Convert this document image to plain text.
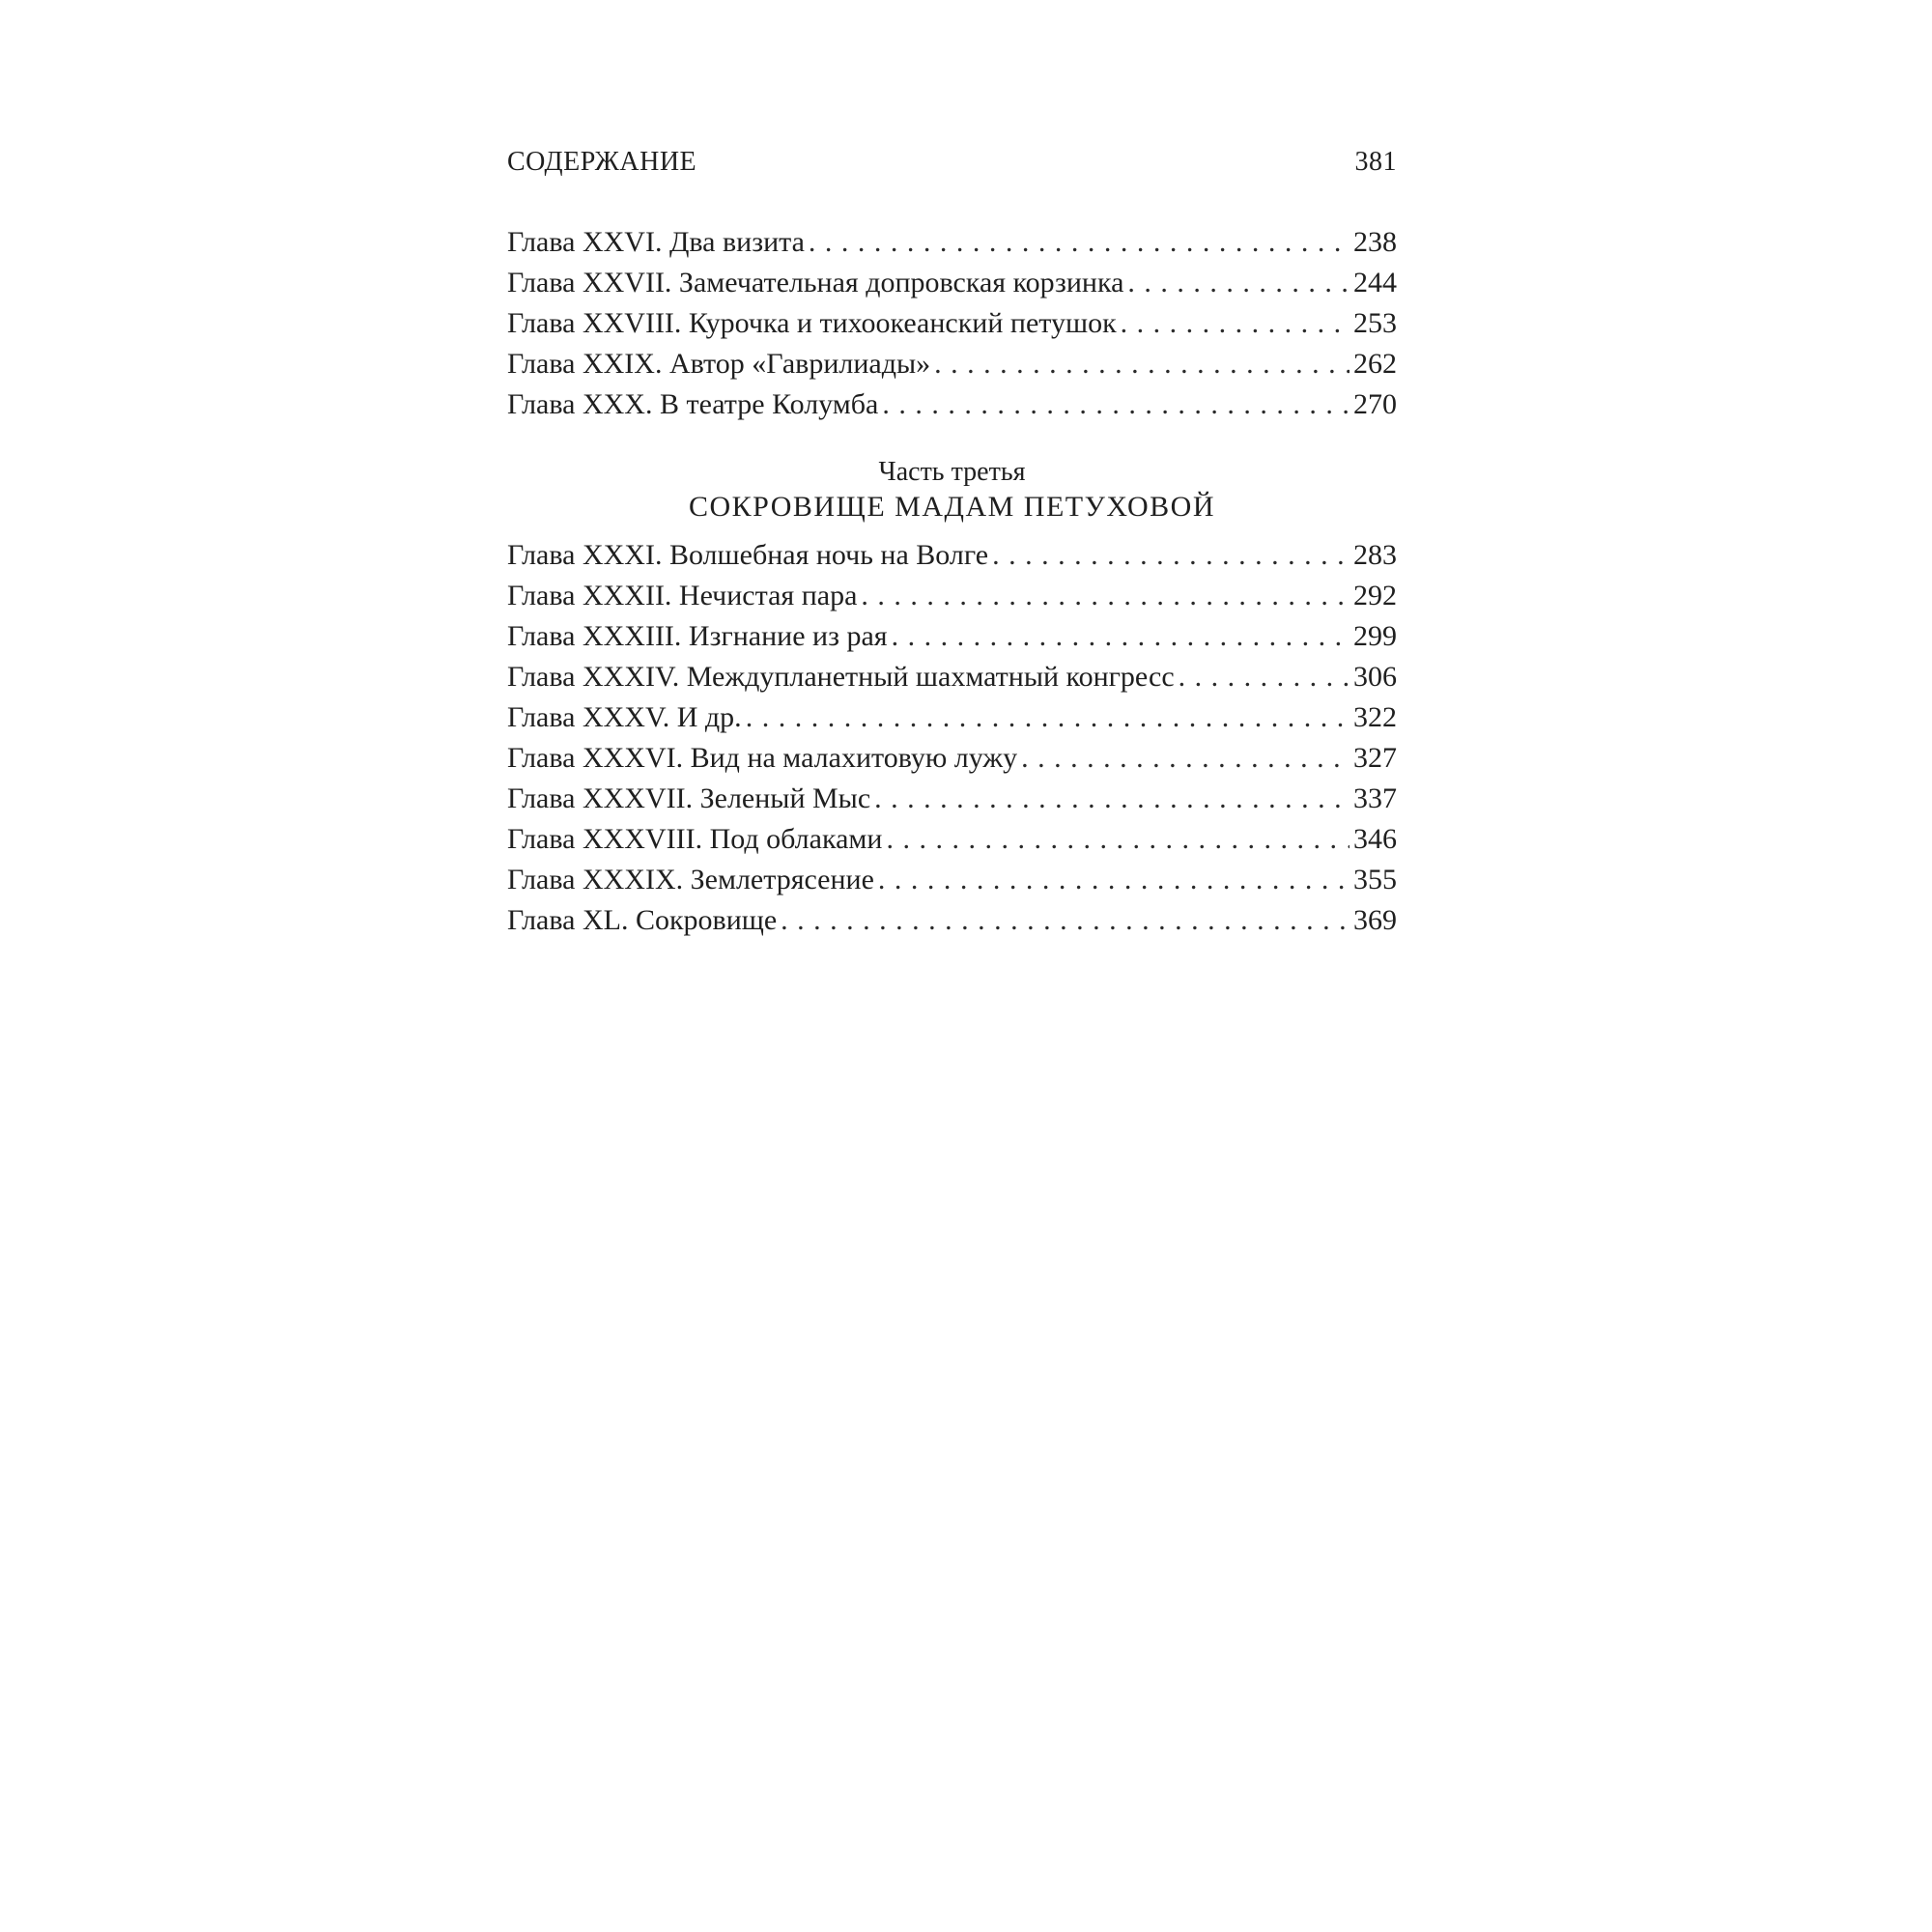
СОДЕРЖАНИЕ	381
Глава XXVI. Два визита . . .	238
Глава XXVII. Замечательная допровская корзинка . . .	244
Глава XXVIII. Курочка и тихоокеанский петушок . . .	253
Глава XXIX. Автор «Гаврилиады» . . .	262
Глава XXX. В театре Колумба . . .	270
Часть третья
СОКРОВИЩЕ МАДАМ ПЕТУХОВОЙ
Глава XXXI. Волшебная ночь на Волге . . .	283
Глава XXXII. Нечистая пара . . .	292
Глава XXXIII. Изгнание из рая . . .	299
Глава XXXIV. Междупланетный шахматный конгресс . . .	306
Глава XXXV. И др. . . .	322
Глава XXXVI. Вид на малахитовую лужу . . .	327
Глава XXXVII. Зеленый Мыс . . .	337
Глава XXXVIII. Под облаками . . .	346
Глава XXXIX. Землетрясение . . .	355
Глава XL. Сокровище . . .	369
